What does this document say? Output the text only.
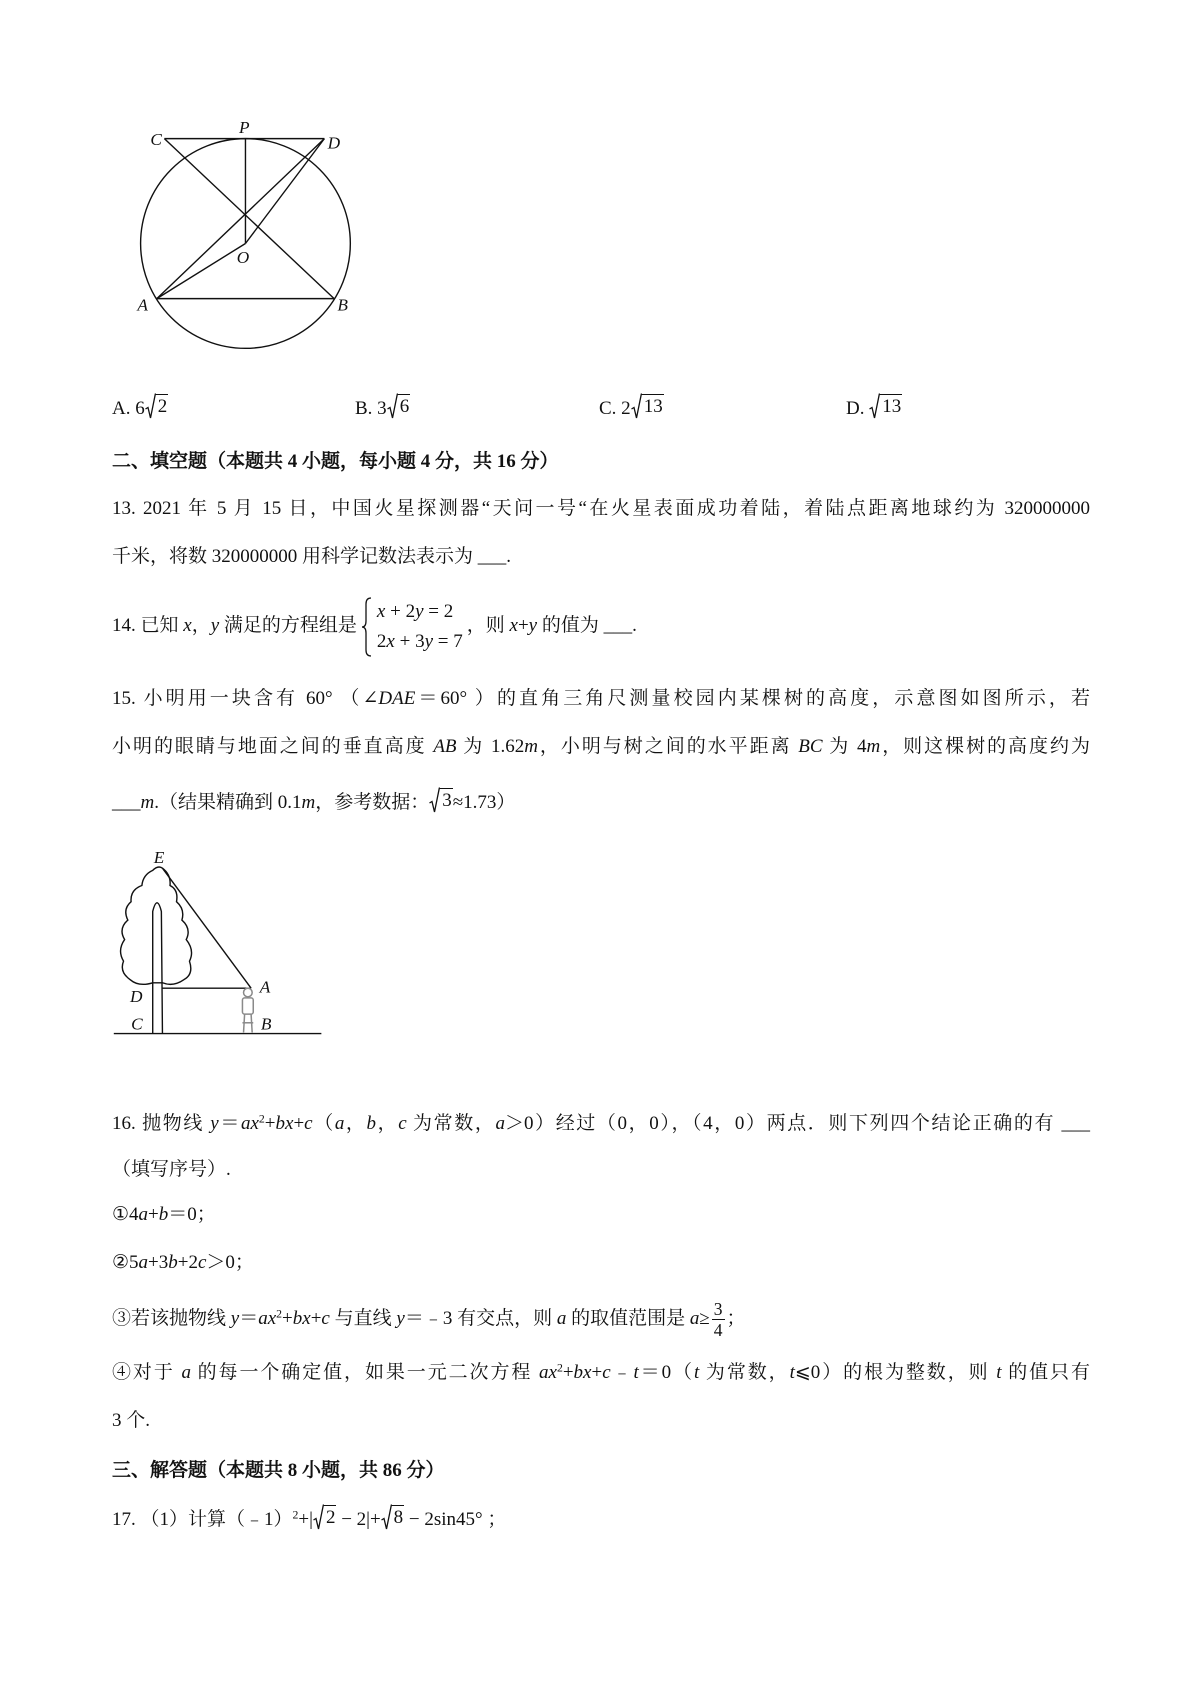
C
P
D
O
A	B
A. 6 2	B. 3 6	C. 2 13	D. 13
二、填空题（本题共 4 小题，每小题 4 分，共 16 分）
13. 2021 年 5 月 15 日，中国火星探测器“天问一号“在火星表面成功着陆，着陆点距离地球约为 320000000
千米，将数 320000000 用科学记数法表示为 ___.
14. 已知 x，y 满足的方程组是
x + 2y = 2
2x + 3y = 7
，则 x+y 的值为 ___.
15. 小明用一块含有 60° （∠DAE＝60° ）的直角三角尺测量校园内某棵树的高度，示意图如图所示，若
小明的眼睛与地面之间的垂直高度 AB 为 1.62m，小明与树之间的水平距离 BC 为 4m，则这棵树的高度约为
___m.（结果精确到 0.1m，参考数据： 3 ≈1.73）
E
D
C
A
B
16. 抛物线 $y=ax^2+bx+c(a$，b，c 为常数，a＞0）经过（0，0），（4，0）两点．则下列四个结论正确的有 ___
（填写序号）.
①4a+b＝0；
②5a+3b+2c＞0；
③若该抛物线 $y=ax^2+bx+c$ 与直线 y＝﹣3 有交点，则 a 的取值范围是 $a\ge \frac{3}{4}$ ；
④对于 a 的每一个确定值，如果一元二次方程 $ax^2+bx+c﹣t=0(t$ 为常数，t⩽0）的根为整数，则 t 的值只有
3 个.
三、解答题（本题共 8 小题，共 86 分）
17. （1）计算（﹣1）$^2$+| 2 − 2|+ 8 − 2sin45° ；
